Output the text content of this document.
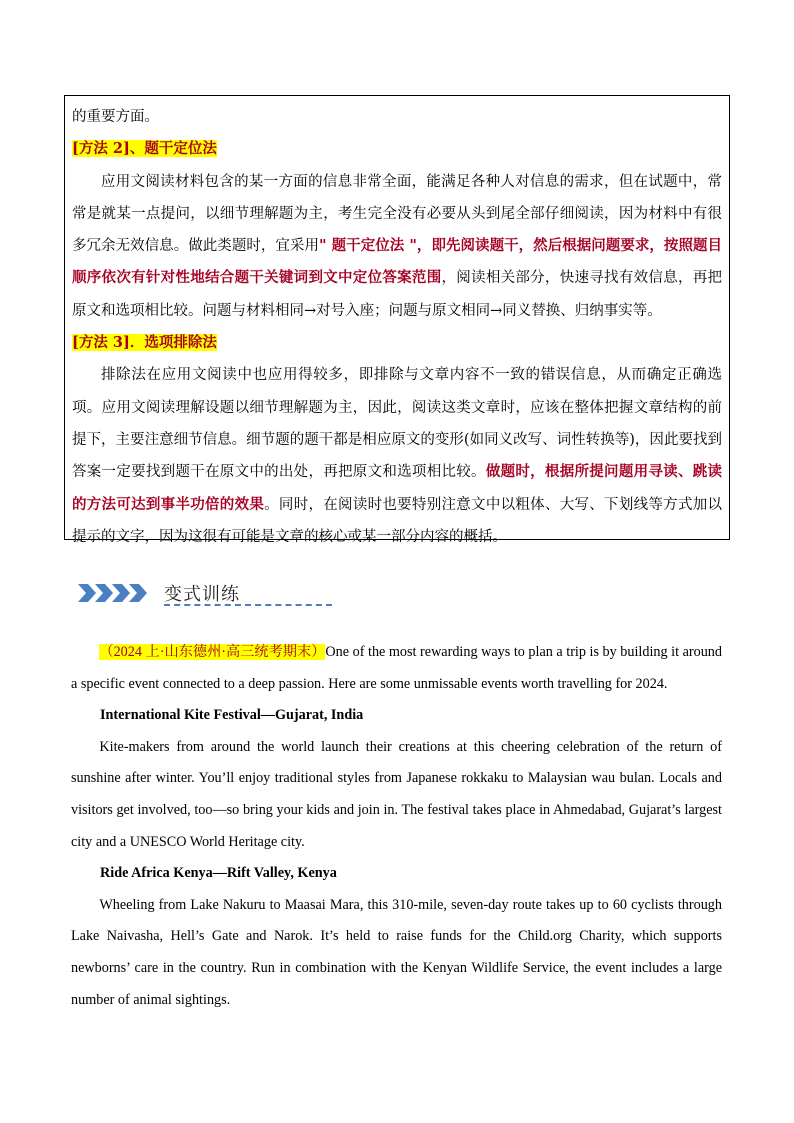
的重要方面。

[方法 2]、题干定位法

应用文阅读材料包含的某一方面的信息非常全面，能满足各种人对信息的需求，但在试题中，常常是就某一点提问，以细节理解题为主，考生完全没有必要从头到尾全部仔细阅读，因为材料中有很多冗余无效信息。做此类题时，宜采用" 题干定位法 "，即先阅读题干，然后根据问题要求，按照题目顺序依次有针对性地结合题干关键词到文中定位答案范围，阅读相关部分，快速寻找有效信息，再把原文和选项相比较。问题与材料相同→对号入座；问题与原文相同→同义替换、归纳事实等。

[方法 3]．选项排除法

排除法在应用文阅读中也应用得较多，即排除与文章内容不一致的错误信息，从而确定正确选项。应用文阅读理解设题以细节理解题为主，因此，阅读这类文章时，应该在整体把握文章结构的前提下，主要注意细节信息。细节题的题干都是相应原文的变形(如同义改写、词性转换等)，因此要找到答案一定要找到题干在原文中的出处，再把原文和选项相比较。做题时，根据所提问题用寻读、跳读的方法可达到事半功倍的效果。同时，在阅读时也要特别注意文中以粗体、大写、下划线等方式加以提示的文字，因为这很有可能是文章的核心或某一部分内容的概括。

变式训练

（2024 上·山东德州·高三统考期末）One of the most rewarding ways to plan a trip is by building it around a specific event connected to a deep passion. Here are some unmissable events worth travelling for 2024.

International Kite Festival—Gujarat, India

Kite-makers from around the world launch their creations at this cheering celebration of the return of sunshine after winter. You’ll enjoy traditional styles from Japanese rokkaku to Malaysian wau bulan. Locals and visitors get involved, too—so bring your kids and join in. The festival takes place in Ahmedabad, Gujarat’s largest city and a UNESCO World Heritage city.

Ride Africa Kenya—Rift Valley, Kenya

Wheeling from Lake Nakuru to Maasai Mara, this 310-mile, seven-day route takes up to 60 cyclists through Lake Naivasha, Hell’s Gate and Narok. It’s held to raise funds for the Child.org Charity, which supports newborns’ care in the country. Run in combination with the Kenyan Wildlife Service, the event includes a large number of animal sightings.
